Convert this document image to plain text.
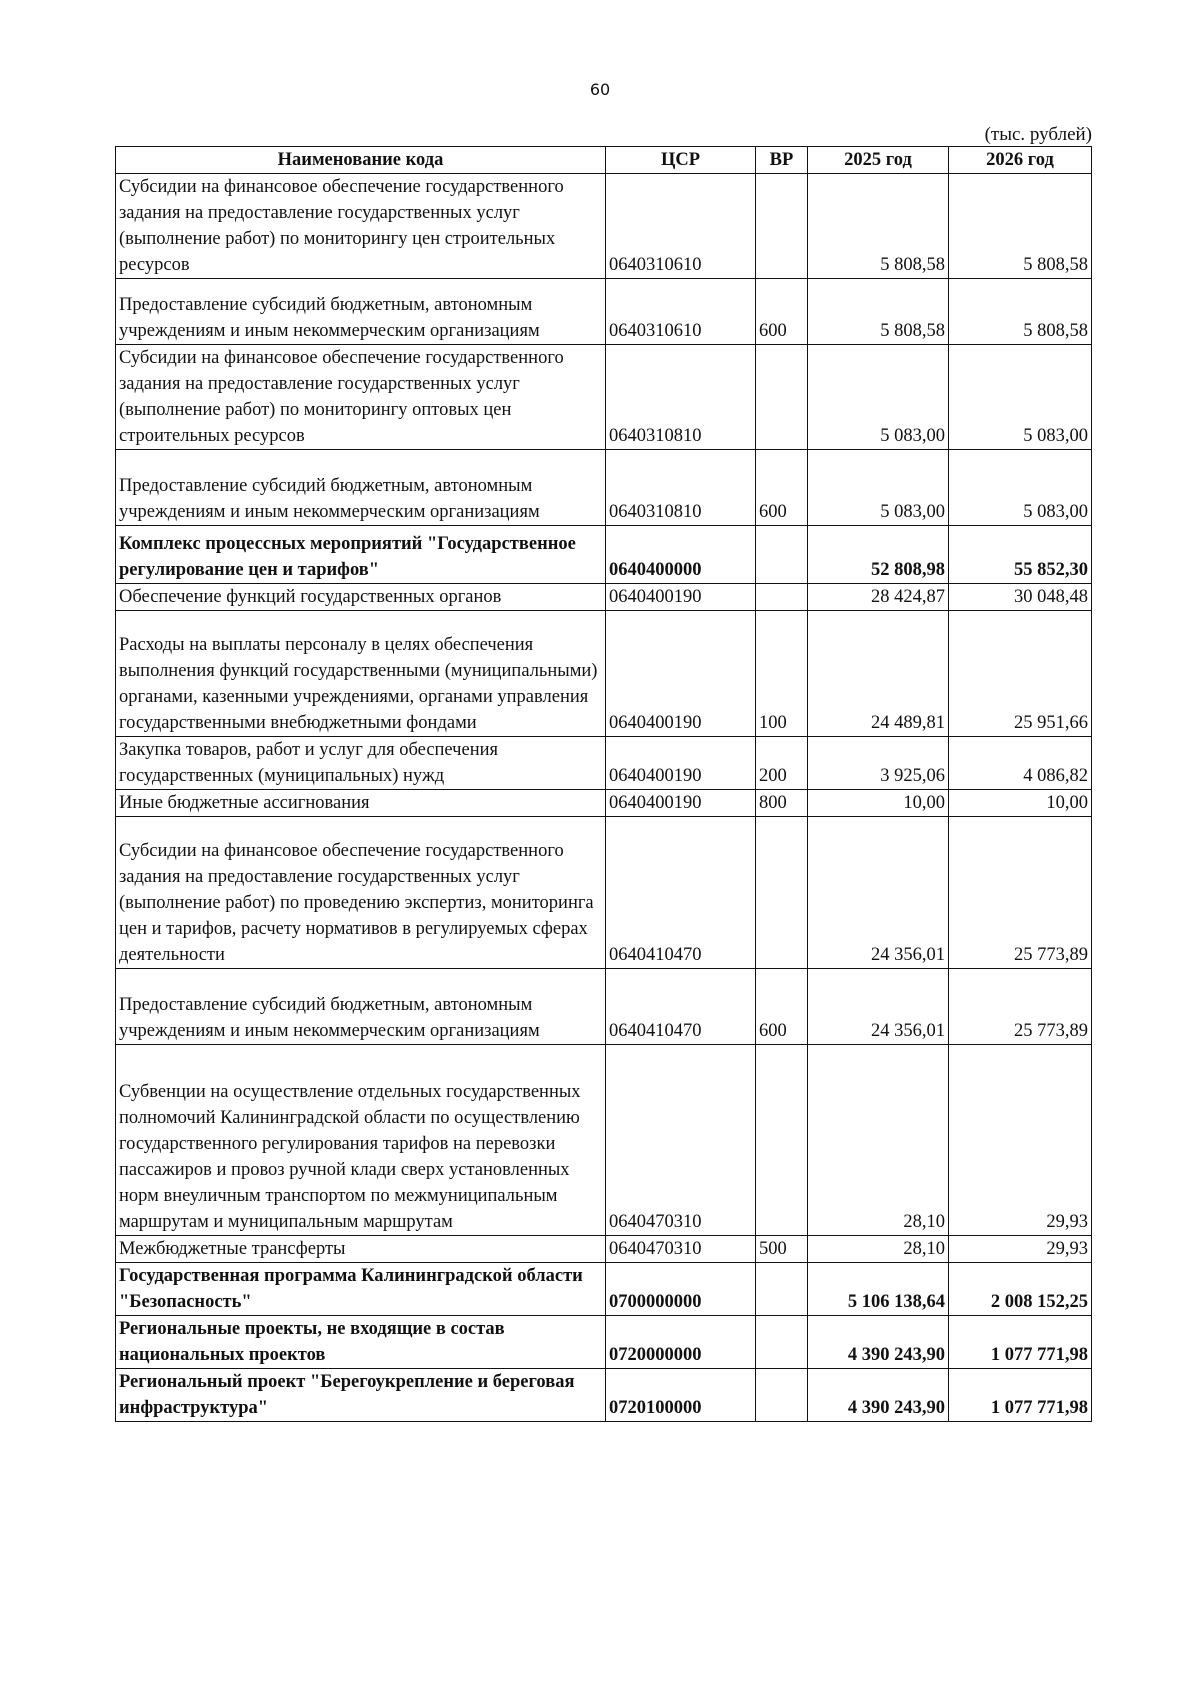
60
(тыс. рублей)
Наименование кода	ЦСР	ВР	2025 год	2026 год
Субсидии на финансовое обеспечение государственного задания на предоставление государственных услуг (выполнение работ) по мониторингу цен строительных ресурсов	0640310610		5 808,58	5 808,58
Предоставление субсидий бюджетным, автономным учреждениям и иным некоммерческим организациям	0640310610	600	5 808,58	5 808,58
Субсидии на финансовое обеспечение государственного задания на предоставление государственных услуг (выполнение работ) по мониторингу оптовых цен строительных ресурсов	0640310810		5 083,00	5 083,00
Предоставление субсидий бюджетным, автономным учреждениям и иным некоммерческим организациям	0640310810	600	5 083,00	5 083,00
Комплекс процессных мероприятий "Государственное регулирование цен и тарифов"	0640400000		52 808,98	55 852,30
Обеспечение функций государственных органов	0640400190		28 424,87	30 048,48
Расходы на выплаты персоналу в целях обеспечения выполнения функций государственными (муниципальными) органами, казенными учреждениями, органами управления государственными внебюджетными фондами	0640400190	100	24 489,81	25 951,66
Закупка товаров, работ и услуг для обеспечения государственных (муниципальных) нужд	0640400190	200	3 925,06	4 086,82
Иные бюджетные ассигнования	0640400190	800	10,00	10,00
Субсидии на финансовое обеспечение государственного задания на предоставление государственных услуг (выполнение работ) по проведению экспертиз, мониторинга цен и тарифов, расчету нормативов в регулируемых сферах деятельности	0640410470		24 356,01	25 773,89
Предоставление субсидий бюджетным, автономным учреждениям и иным некоммерческим организациям	0640410470	600	24 356,01	25 773,89
Субвенции на осуществление отдельных государственных полномочий Калининградской области по осуществлению государственного регулирования тарифов на перевозки пассажиров и провоз ручной клади сверх установленных норм внеуличным транспортом по межмуниципальным маршрутам и муниципальным маршрутам	0640470310		28,10	29,93
Межбюджетные трансферты	0640470310	500	28,10	29,93
Государственная программа Калининградской области "Безопасность"	0700000000		5 106 138,64	2 008 152,25
Региональные проекты, не входящие в состав национальных проектов	0720000000		4 390 243,90	1 077 771,98
Региональный проект "Берегоукрепление и береговая инфраструктура"	0720100000		4 390 243,90	1 077 771,98
